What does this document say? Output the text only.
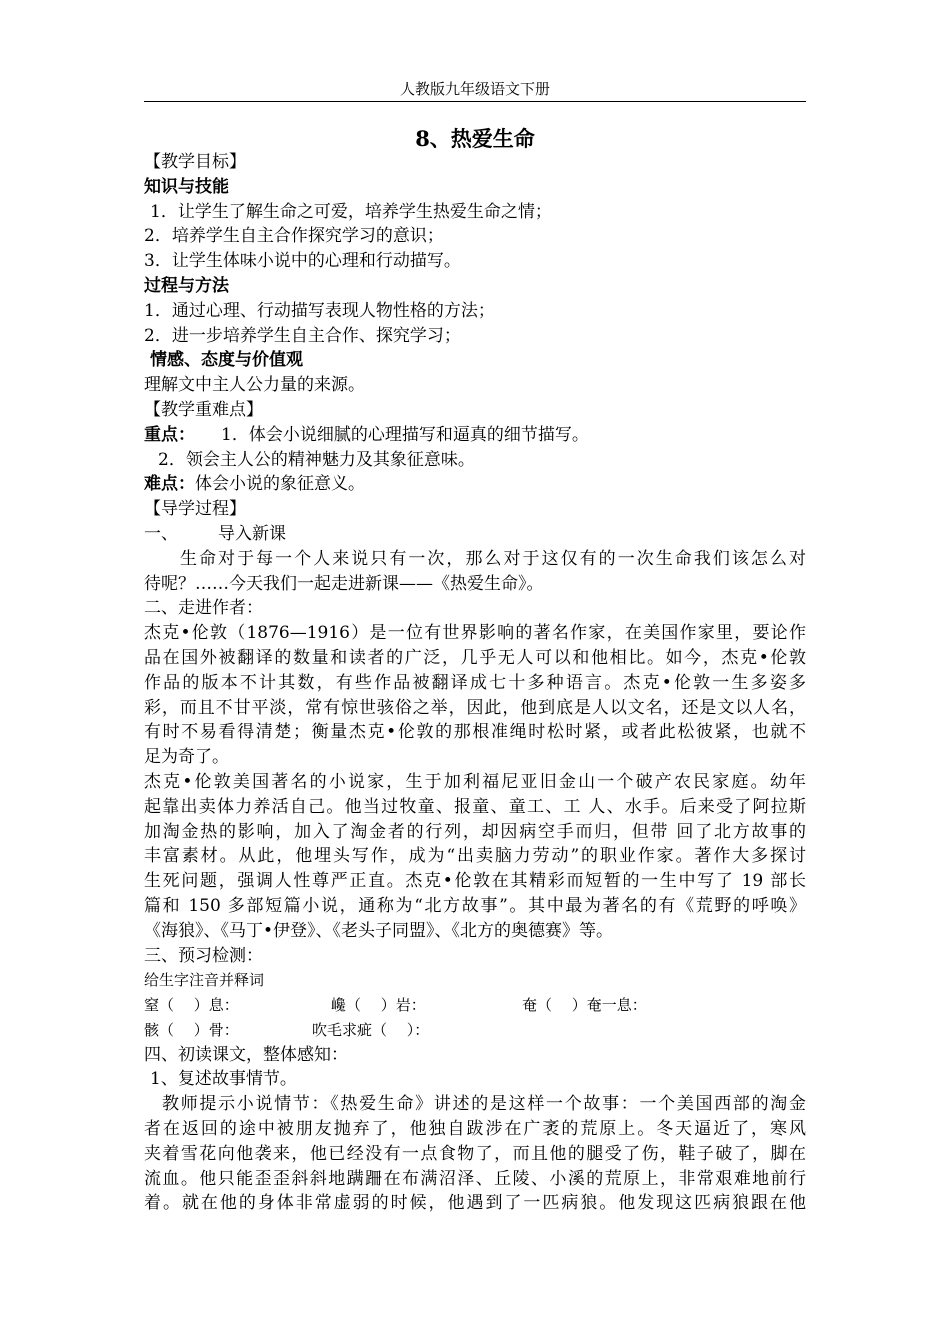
人教版九年级语文下册
8、热爱生命
【教学目标】
知识与技能
1．让学生了解生命之可爱，培养学生热爱生命之情；
2．培养学生自主合作探究学习的意识；
3．让学生体味小说中的心理和行动描写。
过程与方法
1．通过心理、行动描写表现人物性格的方法；
2．进一步培养学生自主合作、探究学习；
情感、态度与价值观
理解文中主人公力量的来源。
【教学重难点】
重点： 1．体会小说细腻的心理描写和逼真的细节描写。
2．领会主人公的精神魅力及其象征意味。
难点：体会小说的象征意义。
【导学过程】
一、 导入新课
生命对于每一个人来说只有一次，那么对于这仅有的一次生命我们该怎么对
待呢？……今天我们一起走进新课——《热爱生命》。
二、走进作者：
杰克•伦敦（1876—1916）是一位有世界影响的著名作家，在美国作家里，要论作
品在国外被翻译的数量和读者的广泛，几乎无人可以和他相比。如今，杰克•伦敦
作品的版本不计其数，有些作品被翻译成七十多种语言。杰克•伦敦一生多姿多
彩，而且不甘平淡，常有惊世骇俗之举，因此，他到底是人以文名，还是文以人名，
有时不易看得清楚；衡量杰克•伦敦的那根准绳时松时紧，或者此松彼紧，也就不
足为奇了。
杰克•伦敦美国著名的小说家，生于加利福尼亚旧金山一个破产农民家庭。幼年
起靠出卖体力养活自己。他当过牧童、报童、童工、工 人、水手。后来受了阿拉斯
加淘金热的影响，加入了淘金者的行列，却因病空手而归，但带 回了北方故事的
丰富素材。从此，他埋头写作，成为“出卖脑力劳动”的职业作家。著作大多探讨
生死问题，强调人性尊严正直。杰克•伦敦在其精彩而短暂的一生中写了 19 部长
篇和 150 多部短篇小说，通称为“北方故事”。其中最为著名的有《荒野的呼唤》
《海狼》、《马丁•伊登》、《老头子同盟》、《北方的奥德赛》等。
三、预习检测：
给生字注音并释词
窒（　 ）息：	巉（　 ）岩：	奄（　 ）奄一息：
骸（　 ）骨：	吹毛求疵（　 ）：
四、初读课文，整体感知：
1、复述故事情节。
教师提示小说情节：《热爱生命》讲述的是这样一个故事：一个美国西部的淘金
者在返回的途中被朋友抛弃了，他独自跋涉在广袤的荒原上。冬天逼近了，寒风
夹着雪花向他袭来，他已经没有一点食物了，而且他的腿受了伤，鞋子破了，脚在
流血。他只能歪歪斜斜地蹒跚在布满沼泽、丘陵、小溪的荒原上，非常艰难地前行
着。就在他的身体非常虚弱的时候，他遇到了一匹病狼。他发现这匹病狼跟在他
